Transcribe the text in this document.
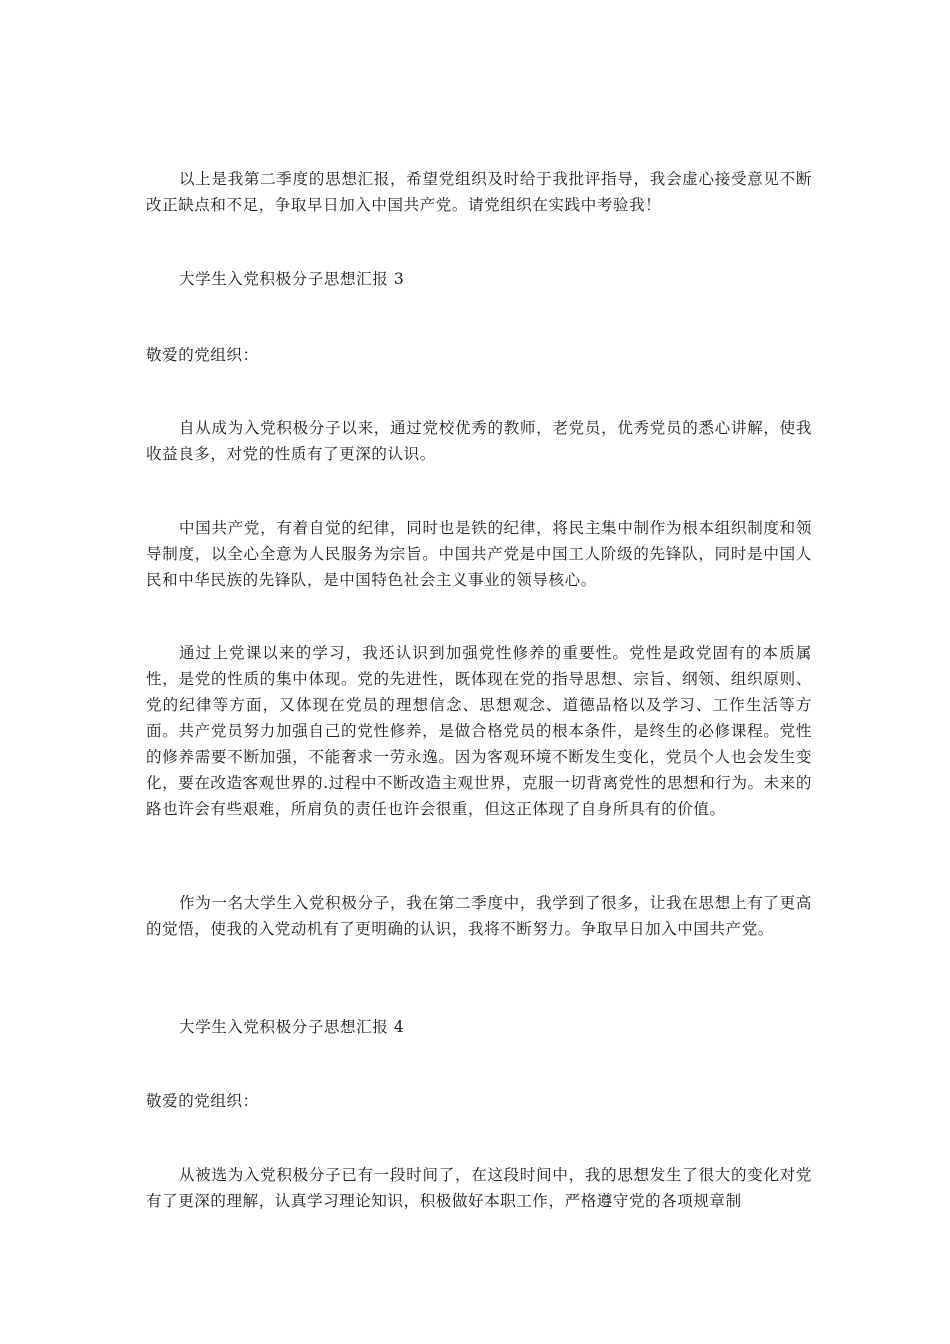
以上是我第二季度的思想汇报，希望党组织及时给于我批评指导，我会虚心接受意见不断改正缺点和不足，争取早日加入中国共产党。请党组织在实践中考验我！

大学生入党积极分子思想汇报 3

敬爱的党组织：

自从成为入党积极分子以来，通过党校优秀的教师，老党员，优秀党员的悉心讲解，使我收益良多，对党的性质有了更深的认识。

中国共产党，有着自觉的纪律，同时也是铁的纪律，将民主集中制作为根本组织制度和领导制度，以全心全意为人民服务为宗旨。中国共产党是中国工人阶级的先锋队，同时是中国人民和中华民族的先锋队，是中国特色社会主义事业的领导核心。

通过上党课以来的学习，我还认识到加强党性修养的重要性。党性是政党固有的本质属性，是党的性质的集中体现。党的先进性，既体现在党的指导思想、宗旨、纲领、组织原则、党的纪律等方面，又体现在党员的理想信念、思想观念、道德品格以及学习、工作生活等方面。共产党员努力加强自己的党性修养，是做合格党员的根本条件，是终生的必修课程。党性的修养需要不断加强，不能奢求一劳永逸。因为客观环境不断发生变化，党员个人也会发生变化，要在改造客观世界的.过程中不断改造主观世界，克服一切背离党性的思想和行为。未来的路也许会有些艰难，所肩负的责任也许会很重，但这正体现了自身所具有的价值。

作为一名大学生入党积极分子，我在第二季度中，我学到了很多，让我在思想上有了更高的觉悟，使我的入党动机有了更明确的认识，我将不断努力。争取早日加入中国共产党。

大学生入党积极分子思想汇报 4

敬爱的党组织：

从被选为入党积极分子已有一段时间了，在这段时间中，我的思想发生了很大的变化对党有了更深的理解，认真学习理论知识，积极做好本职工作，严格遵守党的各项规章制
